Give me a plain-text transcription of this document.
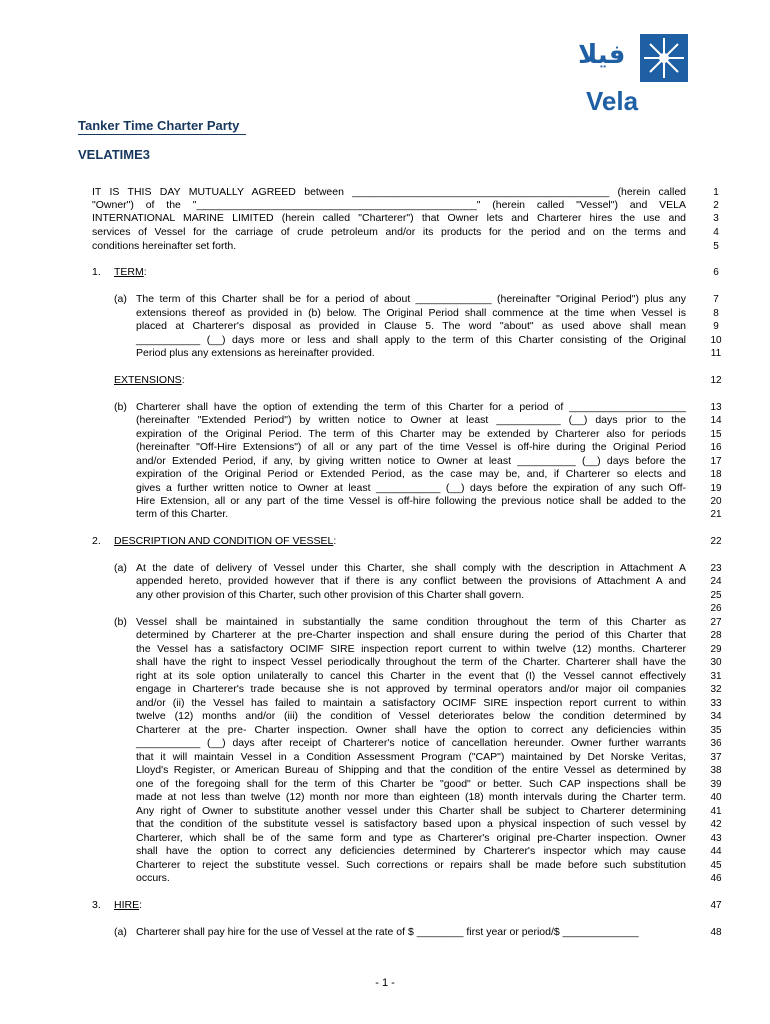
فيلا
Vela
Tanker Time Charter Party
VELATIME3
IT IS THIS DAY MUTUALLY AGREED between ____________________________________________ (herein called
"Owner") of the "________________________________________________" (herein called "Vessel") and VELA
INTERNATIONAL MARINE LIMITED (herein called "Charterer") that Owner lets and Charterer hires the use and
services of Vessel for the carriage of crude petroleum and/or its products for the period and on the terms and
conditions hereinafter set forth.
1. TERM:
(a) The term of this Charter shall be for a period of about _____________ (hereinafter "Original Period") plus any
extensions thereof as provided in (b) below. The Original Period shall commence at the time when Vessel is
placed at Charterer's disposal as provided in Clause 5. The word "about" as used above shall mean
___________ (__) days more or less and shall apply to the term of this Charter consisting of the Original
Period plus any extensions as hereinafter provided.
EXTENSIONS:
(b) Charterer shall have the option of extending the term of this Charter for a period of ____________________
(hereinafter "Extended Period") by written notice to Owner at least ___________ (__) days prior to the
expiration of the Original Period. The term of this Charter may be extended by Charterer also for periods
(hereinafter "Off-Hire Extensions") of all or any part of the time Vessel is off-hire during the Original Period
and/or Extended Period, if any, by giving written notice to Owner at least __________ (__) days before the
expiration of the Original Period or Extended Period, as the case may be, and, if Charterer so elects and
gives a further written notice to Owner at least ___________ (__) days before the expiration of any such Off-
Hire Extension, all or any part of the time Vessel is off-hire following the previous notice shall be added to the
term of this Charter.
2. DESCRIPTION AND CONDITION OF VESSEL:
(a) At the date of delivery of Vessel under this Charter, she shall comply with the description in Attachment A
appended hereto, provided however that if there is any conflict between the provisions of Attachment A and
any other provision of this Charter, such other provision of this Charter shall govern.
(b) Vessel shall be maintained in substantially the same condition throughout the term of this Charter as
determined by Charterer at the pre-Charter inspection and shall ensure during the period of this Charter that
the Vessel has a satisfactory OCIMF SIRE inspection report current to within twelve (12) months. Charterer
shall have the right to inspect Vessel periodically throughout the term of the Charter. Charterer shall have the
right at its sole option unilaterally to cancel this Charter in the event that (I) the Vessel cannot effectively
engage in Charterer's trade because she is not approved by terminal operators and/or major oil companies
and/or (ii) the Vessel has failed to maintain a satisfactory OCIMF SIRE inspection report current to within
twelve (12) months and/or (iii) the condition of Vessel deteriorates below the condition determined by
Charterer at the pre- Charter inspection. Owner shall have the option to correct any deficiencies within
___________ (__) days after receipt of Charterer's notice of cancellation hereunder. Owner further warrants
that it will maintain Vessel in a Condition Assessment Program ("CAP") maintained by Det Norske Veritas,
Lloyd's Register, or American Bureau of Shipping and that the condition of the entire Vessel as determined by
one of the foregoing shall for the term of this Charter be "good" or better. Such CAP inspections shall be
made at not less than twelve (12) month nor more than eighteen (18) month intervals during the Charter term.
Any right of Owner to substitute another vessel under this Charter shall be subject to Charterer determining
that the condition of the substitute vessel is satisfactory based upon a physical inspection of such vessel by
Charterer, which shall be of the same form and type as Charterer's original pre-Charter inspection. Owner
shall have the option to correct any deficiencies determined by Charterer's inspector which may cause
Charterer to reject the substitute vessel. Such corrections or repairs shall be made before such substitution
occurs.
3. HIRE:
(a) Charterer shall pay hire for the use of Vessel at the rate of $ ________ first year or period/$ _____________
1
2
3
4
5
6
7
8
9
10
11
12
13
14
15
16
17
18
19
20
21
22
23
24
25
26
27
28
29
30
31
32
33
34
35
36
37
38
39
40
41
42
43
44
45
46
47
48
- 1 -
